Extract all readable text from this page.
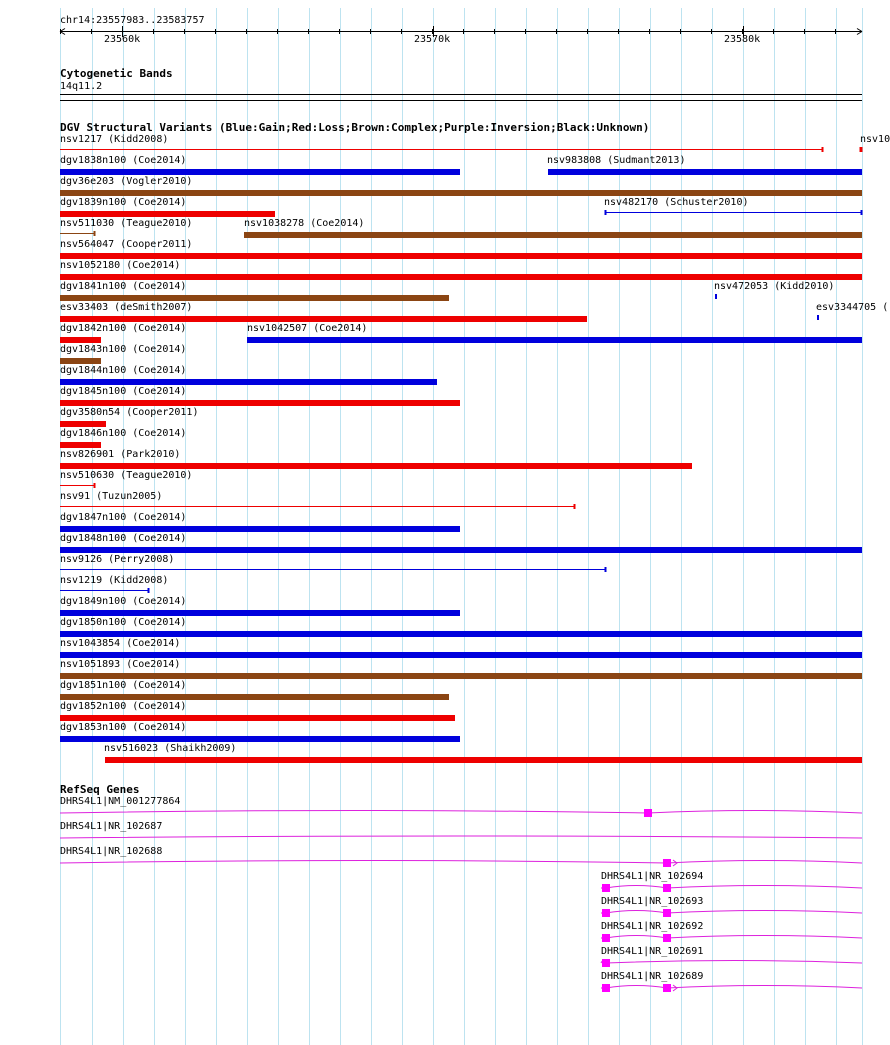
chr14:23557983..23583757
23560k	23570k	23580k
Cytogenetic Bands
14q11.2
DGV Structural Variants (Blue:Gain;Red:Loss;Brown:Complex;Purple:Inversion;Black:Unknown)
nsv1217 (Kidd2008)	nsv10
dgv1838n100 (Coe2014)	nsv983808 (Sudmant2013)
dgv36e203 (Vogler2010)
dgv1839n100 (Coe2014)	nsv482170 (Schuster2010)
nsv511030 (Teague2010)	nsv1038278 (Coe2014)
nsv564047 (Cooper2011)
nsv1052180 (Coe2014)
dgv1841n100 (Coe2014)	nsv472053 (Kidd2010)
esv33403 (deSmith2007)	esv3344705 (
dgv1842n100 (Coe2014)	nsv1042507 (Coe2014)
dgv1843n100 (Coe2014)
dgv1844n100 (Coe2014)
dgv1845n100 (Coe2014)
dgv3580n54 (Cooper2011)
dgv1846n100 (Coe2014)
nsv826901 (Park2010)
nsv510630 (Teague2010)
nsv91 (Tuzun2005)
dgv1847n100 (Coe2014)
dgv1848n100 (Coe2014)
nsv9126 (Perry2008)
nsv1219 (Kidd2008)
dgv1849n100 (Coe2014)
dgv1850n100 (Coe2014)
nsv1043854 (Coe2014)
nsv1051893 (Coe2014)
dgv1851n100 (Coe2014)
dgv1852n100 (Coe2014)
dgv1853n100 (Coe2014)
nsv516023 (Shaikh2009)
RefSeq Genes
DHRS4L1|NM_001277864
DHRS4L1|NR_102687
DHRS4L1|NR_102688
DHRS4L1|NR_102694
DHRS4L1|NR_102693
DHRS4L1|NR_102692
DHRS4L1|NR_102691
DHRS4L1|NR_102689
